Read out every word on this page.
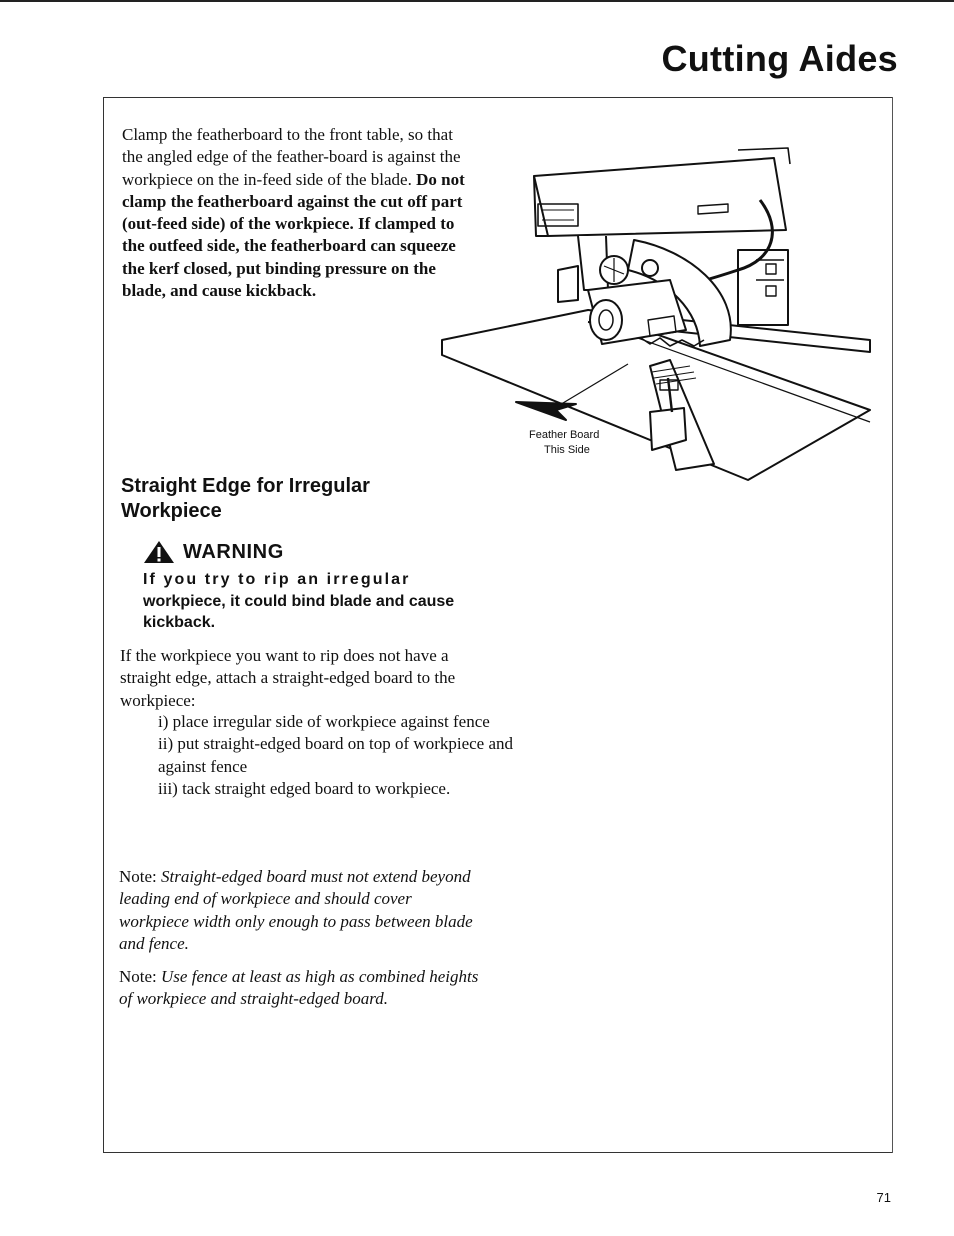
Cutting Aides

Clamp the featherboard to the front table, so that the angled edge of the feather-board is against the workpiece on the in-feed side of the blade. Do not clamp the featherboard against the cut off part (out-feed side) of the workpiece. If clamped to the outfeed side, the featherboard can squeeze the kerf closed, put binding pressure on the blade, and cause kickback.

Feather Board
This Side
Straight Edge for Irregular Workpiece
WARNING

If you try to rip an irregular
workpiece, it could bind blade and cause kickback.

If the workpiece you want to rip does not have a straight edge, attach a straight-edged board to the workpiece:

i) place irregular side of workpiece against fence
ii) put straight-edged board on top of workpiece and against fence
iii) tack straight edged board to workpiece.

Note: Straight-edged board must not extend beyond leading end of workpiece and should cover workpiece width only enough to pass between blade and fence.

Note: Use fence at least as high as combined heights of workpiece and straight-edged board.

71
